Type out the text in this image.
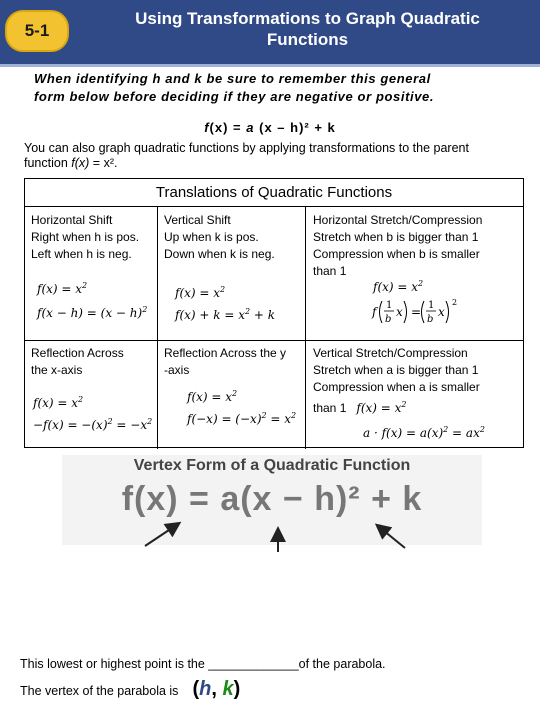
5-1
Using Transformations to Graph Quadratic
Functions
When identifying h and k be sure to remember this general
form below before deciding if they are negative or positive.
f(x) = a (x – h)² + k
You can also graph quadratic functions by applying transformations to the parent
function f(x) = x².
Translations of Quadratic Functions
Horizontal Shift
Right when h is pos.
Left when h is neg.
$f(x) = x^2$
$f(x - h) = (x - h)^2$
Vertical Shift
Up when k is pos.
Down when k is neg.
$f(x) = x^2$
$f(x) + k = x^2 + k$
Horizontal Stretch/Compression
Stretch when b is bigger than 1
Compression when b is smaller
than 1
$f(x) = x^2$
f 1
b
x = 1
b
x
2
Reflection Across
the x-axis
$f(x) = x^2$
$-f(x) = -(x)^2 = -x^2$
Reflection Across the y
-axis
$f(x) = x^2$
$f(-x) = (-x)^2 = x^2$
Vertical Stretch/Compression
Stretch when a is bigger than 1
Compression when a is smaller
than 1 $f(x) = x^2$
$a \cdot f(x) = a(x)^2 = ax^2$
Vertex Form of a Quadratic Function
f(x) = a(x − h)² + k
This lowest or highest point is the _____________of the parabola.
The vertex of the parabola is (h, k)
